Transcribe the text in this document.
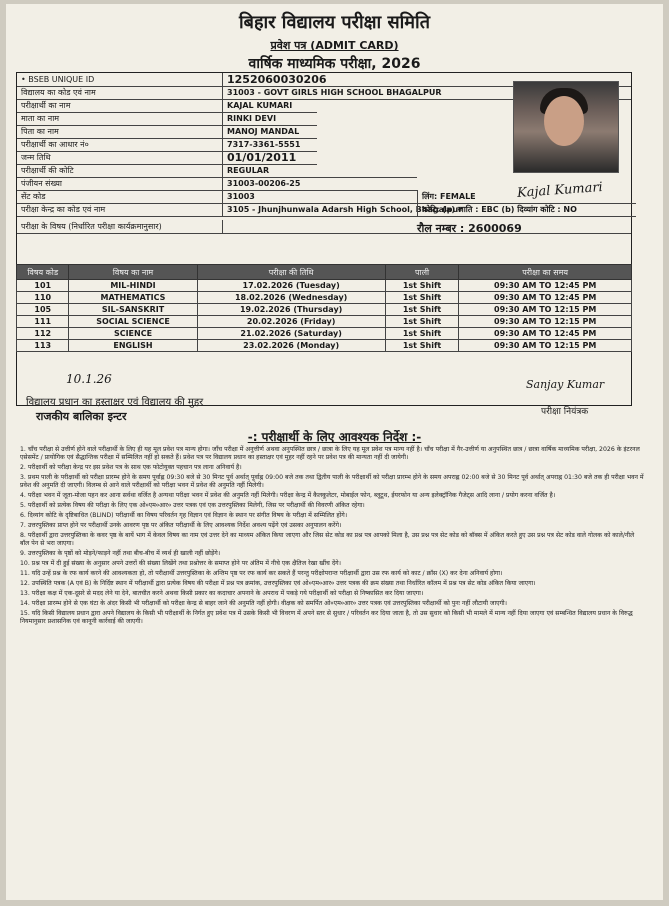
बिहार विद्यालय परीक्षा समिति
प्रवेश पत्र (ADMIT CARD)
वार्षिक माध्यमिक परीक्षा, 2026
• BSEB UNIQUE ID	1252060030206
विद्यालय का कोड एवं नाम	31003 - GOVT GIRLS HIGH SCHOOL BHAGALPUR
परीक्षार्थी का नाम	KAJAL KUMARI
माता का नाम	RINKI DEVI
पिता का नाम	MANOJ MANDAL
परीक्षार्थी का आधार नं०	7317-3361-5551
जन्म तिथि	01/01/2011
परीक्षार्थी की कोटि	REGULAR
पंजीयन संख्या	31003-00206-25
सेंट कोड	31003
परीक्षा केन्द्र का कोड एवं नाम	3105 - Jhunjhunwala Adarsh High School, Bhagalpur
परीक्षा के विषय (निर्धारित परीक्षा कार्यक्रमानुसार)
Kajal Kumari
लिंग: FEMALE
कोटि: (a) जाति : EBC (b) दिव्यांग कोटि : NO
रौल नम्बर : 2600069
विषय कोड	विषय का नाम	परीक्षा की तिथि	पाली	परीक्षा का समय
101	MIL-HINDI	17.02.2026 (Tuesday)	1st Shift	09:30 AM TO 12:45 PM
110	MATHEMATICS	18.02.2026 (Wednesday)	1st Shift	09:30 AM TO 12:45 PM
105	SIL-SANSKRIT	19.02.2026 (Thursday)	1st Shift	09:30 AM TO 12:15 PM
111	SOCIAL SCIENCE	20.02.2026 (Friday)	1st Shift	09:30 AM TO 12:15 PM
112	SCIENCE	21.02.2026 (Saturday)	1st Shift	09:30 AM TO 12:45 PM
113	ENGLISH	23.02.2026 (Monday)	1st Shift	09:30 AM TO 12:15 PM
10.1.26
विद्यालय प्रधान का हस्ताक्षर एवं विद्यालय की मुहर
राजकीय बालिका इन्टर
Sanjay Kumar
परीक्षा नियंत्रक
-: परीक्षार्थी के लिए आवश्यक निर्देश :-

1. चाँच परीक्षा से उत्तीर्ण होने वाले परीक्षार्थी के लिए ही यह मूल प्रवेश पत्र मान्य होगा। जाँच परीक्षा में अनुत्तीर्ण अथवा अनुपस्थित छात्र / छात्रा के लिए यह मूल प्रवेश पत्र मान्य नहीं है। चाँच परीक्षा में गैर-उत्तीर्ण या अनुपस्थित छात्र / छात्रा वार्षिक माध्यमिक परीक्षा, 2026 के इंटरनल एसेसमेंट / प्रायोगिक एवं सैद्धान्तिक परीक्षा में सम्मिलित नहीं हो सकते हैं। प्रवेश पत्र पर विद्यालय प्रधान का हस्ताक्षर एवं मुहर नहीं रहने पर प्रवेश पत्र की मान्यता नहीं दी जायेगी।

2. परीक्षार्थी को परीक्षा केन्द्र पर इस प्रवेश पत्र के साथ एक फोटोयुक्त पहचान पत्र लाना अनिवार्य है।

3. प्रथम पाली के परीक्षार्थी को परीक्षा प्रारम्भ होने के समय पूर्वाह्न 09:30 बजे से 30 मिनट पूर्व अर्थात् पूर्वाह्न 09:00 बजे तक तथा द्वितीय पाली के परीक्षार्थी को परीक्षा प्रारम्भ होने के समय अपराह्न 02:00 बजे से 30 मिनट पूर्व अर्थात् अपराह्न 01:30 बजे तक ही परीक्षा भवन में प्रवेश की अनुमति दी जाएगी। विलम्ब से आने वाले परीक्षार्थी को परीक्षा भवन में प्रवेश की अनुमति नहीं मिलेगी।

4. परीक्षा भवन में जूता-मोजा पहन कर आना सर्वथा वर्जित है अन्यथा परीक्षा भवन में प्रवेश की अनुमति नहीं मिलेगी। परीक्षा केन्द्र में कैलकुलेटर, मोबाईल फोन, ब्लूटूथ, ईयरफोन या अन्य इलेक्ट्रॉनिक गैजेट्स आदि लाना / प्रयोग करना वर्जित है।

5. परीक्षार्थी को प्रत्येक विषय की परीक्षा के लिए एक ओ०एम०आर० उत्तर पत्रक एवं एक उत्तरपुस्तिका मिलेगी, जिस पर परीक्षार्थी की विवरणी अंकित रहेगा।

6. दिव्यांग कोटि के दृष्टिबाधित (BLIND) परीक्षार्थी का विषय परिवर्तन गृह विज्ञान एवं विज्ञान के स्थान पर संगीत विषय के परीक्षा में सम्मिलित होंगे।

7. उत्तरपुस्तिका प्राप्त होने पर परीक्षार्थी उनके आवरण पृष्ठ पर अंकित परीक्षार्थी के लिए आवश्यक निर्देश अवश्य पढ़ेंगे एवं उसका अनुपालन करेंगे।

8. परीक्षार्थी द्वारा उत्तरपुस्तिका के कवर पृष्ठ के बायें भाग में केवल विषय का नाम एवं उत्तर देने का माध्यम अंकित किया जाएगा और जिस सेट कोड का प्रश्न पत्र आपको मिला है, उस प्रश्न पत्र सेट कोड को बॉक्स में अंकित करते हुए उस प्रश्न पत्र सेट कोड वाले गोलक को काले/नीले बॉल पेन से भरा जाएगा।

9. उत्तरपुस्तिका के पृष्ठों को मोड़ने/फाड़ने नहीं तथा बीच-बीच में व्यर्थ ही खाली नहीं छोड़ेंगे।

10. प्रश्न पत्र में दी हुई संख्या के अनुसार अपने उत्तरों की संख्या लिखेंगे तथा प्रश्नोत्तर के समाप्त होने पर अंतिम में नीचे एक क्षैतिज रेखा खींच देंगे।

11. यदि उन्हें प्रश्न के रफ कार्य करने की आवश्यकता हो, तो परीक्षार्थी उत्तरपुस्तिका के अन्तिम पृष्ठ पर रफ कार्य कर सकते हैं परन्तु परीक्षोपरान्त परीक्षार्थी द्वारा उस रफ कार्य को काट / क्रॉस (X) कर देना अनिवार्य होगा।

12. उपस्थिति पत्रक (A एवं B) के निर्दिष्ट स्थान में परीक्षार्थी द्वारा प्रत्येक विषय की परीक्षा में प्रश्न पत्र क्रमांक, उत्तरपुस्तिका एवं ओ०एम०आर० उत्तर पत्रक की क्रम संख्या तथा निर्धारित कॉलम में प्रश्न पत्र सेट कोड अंकित किया जाएगा।

13. परीक्षा कक्ष में एक-दूसरे से मदद लेने या देने, बातचीत करने अथवा किसी प्रकार का कदाचार अपनाने के अपराध में पकड़े गये परीक्षार्थी को परीक्षा से निष्कासित कर दिया जाएगा।

14. परीक्षा प्रारम्भ होने से एक घंटा के अंदर किसी भी परीक्षार्थी को परीक्षा केन्द्र से बाहर जाने की अनुमति नहीं होगी। वीक्षक को समर्पित ओ०एम०आर० उत्तर पत्रक एवं उत्तरपुस्तिका परीक्षार्थी को पुनः नहीं लौटायी जाएगी।

15. यदि किसी विद्यालय प्रधान द्वारा अपने विद्यालय के किसी भी परीक्षार्थी के निर्गत हुए प्रवेश पत्र में उसके किसी भी विवरण में अपने स्तर से सुधार / परिवर्तन कर दिया जाता है, तो उस सुधार को किसी भी मामले में मान्य नहीं दिया जाएगा एवं सम्बन्धित विद्यालय प्रधान के विरुद्ध नियमानुसार प्रशासनिक एवं कानूनी कार्रवाई की जाएगी।
